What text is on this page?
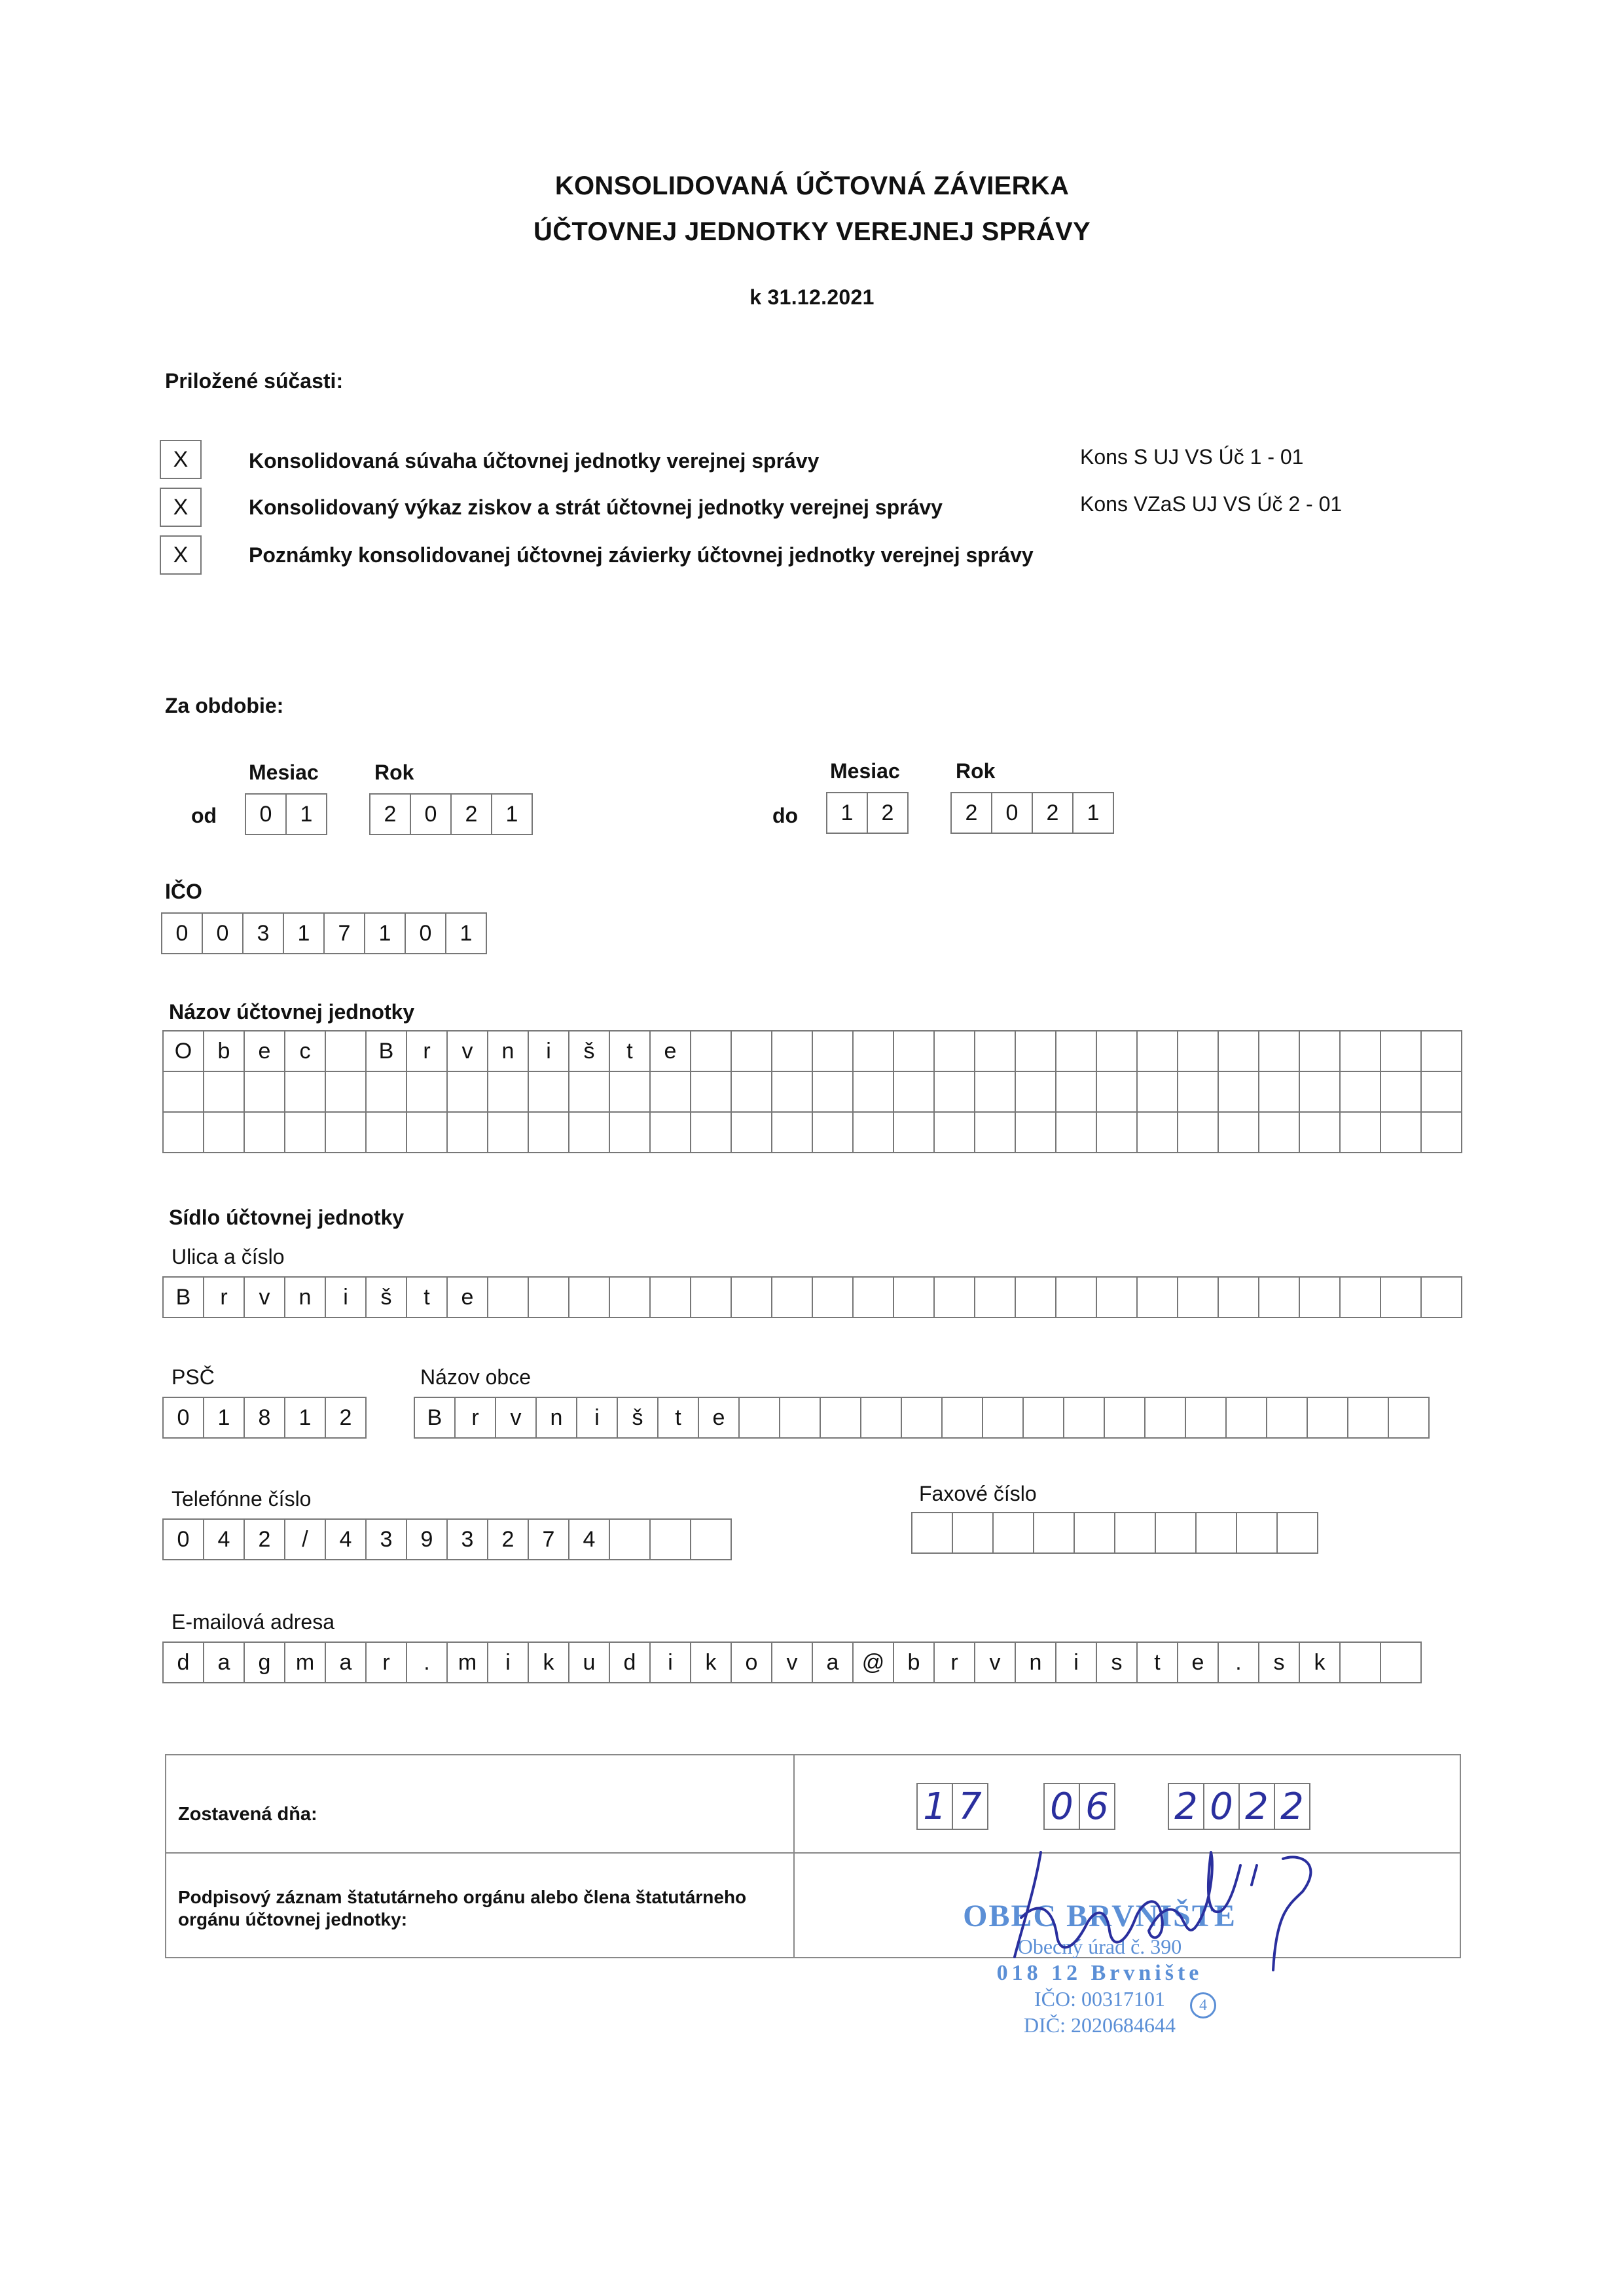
KONSOLIDOVANÁ ÚČTOVNÁ ZÁVIERKA
ÚČTOVNEJ JEDNOTKY VEREJNEJ SPRÁVY
k 31.12.2021
Priložené súčasti:
X	Konsolidovaná súvaha účtovnej jednotky verejnej správy	Kons S UJ VS Úč 1 - 01
X	Konsolidovaný výkaz ziskov a strát účtovnej jednotky verejnej správy	Kons VZaS UJ VS Úč 2 - 01
X	Poznámky konsolidovanej účtovnej závierky účtovnej jednotky verejnej správy
Za obdobie:
Mesiac	Rok
od	0	1	2	0	2	1
Mesiac	Rok
do	1	2	2	0	2	1
IČO
0	0	3	1	7	1	0	1
Názov účtovnej jednotky
O	b	e	c	B	r	v	n	i	š	t	e
Sídlo účtovnej jednotky
Ulica a číslo
B	r	v	n	i	š	t	e
PSČ
0	1	8	1	2
Názov obce
B	r	v	n	i	š	t	e
Telefónne číslo
0	4	2	/	4	3	9	3	2	7	4
Faxové číslo
E-mailová adresa
d	a	g	m	a	r	.	m	i	k	u	d	i	k	o	v	a	@	b	r	v	n	i	s	t	e	.	s	k
Zostavená dňa:	1 7 0 6 2 0 2 2
Podpisový záznam štatutárneho orgánu alebo člena štatutárneho orgánu účtovnej jednotky:	OBEC BRVNIŠTE
Obecný úrad č. 390
018 12 Brvnište
IČO: 00317101
DIČ: 2020684644
4
